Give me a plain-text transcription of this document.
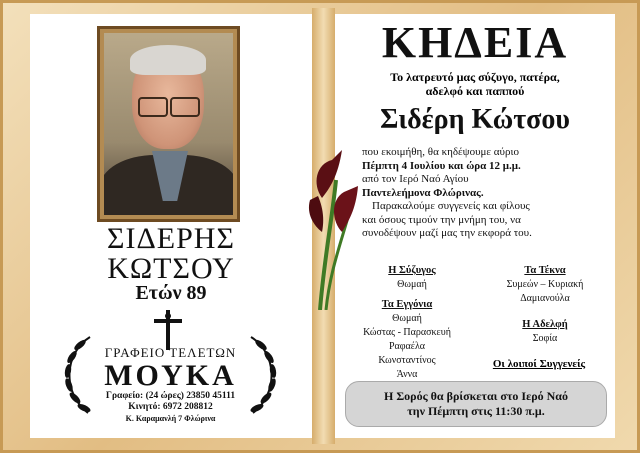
ΣΙΔΕΡΗΣ
ΚΩΤΣΟΥ
Ετών 89
ΓΡΑΦΕΙΟ ΤΕΛΕΤΩΝ
ΜΟΥΚΑ
Γραφείο: (24 ώρες) 23850 45111
Κινητό: 6972 208812
Κ. Καραμανλή 7 Φλώρινα
ΚΗΔΕΙΑ
Το λατρευτό μας σύζυγο, πατέρα,
αδελφό και παππού
Σιδέρη Κώτσου
που εκοιμήθη, θα κηδέψουμε αύριο
Πέμπτη 4 Ιουλίου και ώρα 12 μ.μ.
από τον Ιερό Ναό Αγίου
Παντελεήμονα Φλώρινας.
Παρακαλούμε συγγενείς και φίλους
και όσους τιμούν την μνήμη του, να
συνοδέψουν μαζί μας την εκφορά του.
Η Σύζυγος
Θωμαή
Τα Τέκνα
Συμεών – Κυριακή
Δαμιανούλα
Τα Εγγόνια
Θωμαή
Κώστας - Παρασκευή
Ραφαέλα
Κωνσταντίνος
Άννα
Η Αδελφή
Σοφία
Οι λοιποί Συγγενείς
Η Σορός θα βρίσκεται στο Ιερό Ναό
την Πέμπτη στις 11:30 π.μ.
